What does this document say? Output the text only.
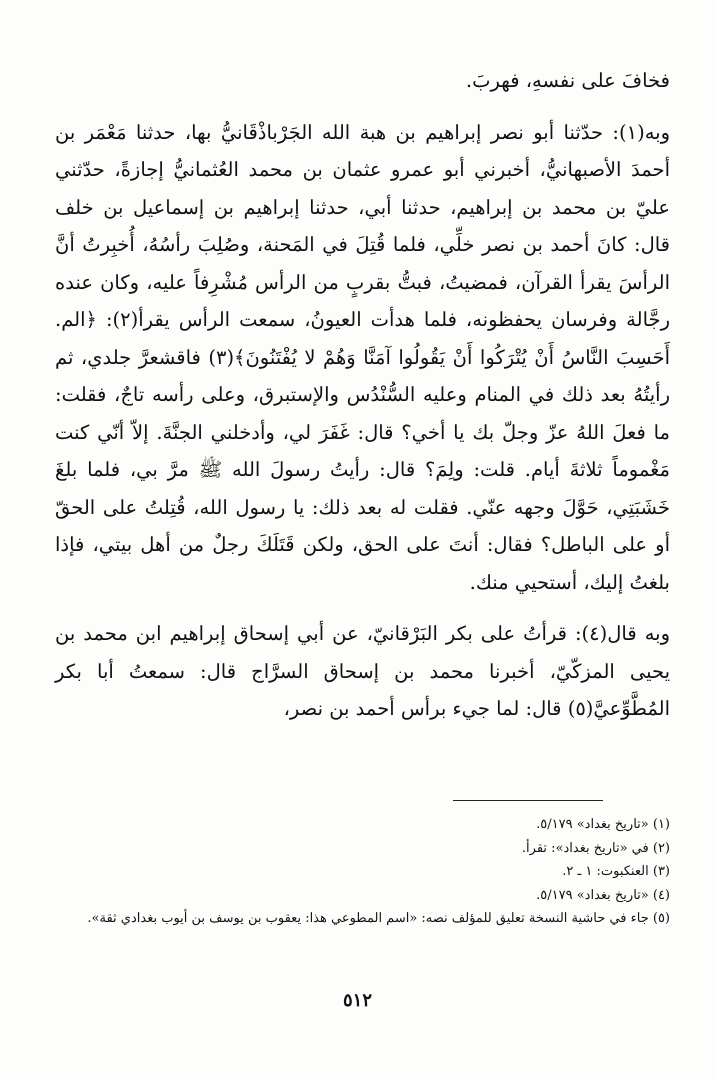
فخافَ على نفسهِ، فهربَ.

وبه(١): حدّثنا أبو نصر إبراهيم بن هبة الله الجَرْباذْقَانيُّ بها، حدثنا مَعْمَر بن أحمدَ الأصبهانيُّ، أخبرني أبو عمرو عثمان بن محمد العُثمانيُّ إجازةً، حدّثني عليّ بن محمد بن إبراهيم، حدثنا أبي، حدثنا إبراهيم بن إسماعيل بن خلف قال: كانَ أحمد بن نصر خلِّي، فلما قُتِلَ في المَحنة، وصُلِبَ رأسُهُ، أُخبِرتُ أنَّ الرأسَ يقرأ القرآن، فمضيتُ، فبتُّ بقربٍ من الرأس مُشْرِفاً عليه، وكان عنده رجَّالة وفرسان يحفظونه، فلما هدأت العيونُ، سمعت الرأس يقرأ(٢): ﴿الم. أَحَسِبَ النَّاسُ أَنْ يُتْرَكُوا أَنْ يَقُولُوا آمَنَّا وَهُمْ لا يُفْتَنُونَ﴾(٣) فاقشعرَّ جلدي، ثم رأيتُهُ بعد ذلك في المنام وعليه السُّنْدُس والإستبرق، وعلى رأسه تاجٌ، فقلت: ما فعلَ اللهُ عزّ وجلّ بك يا أخي؟ قال: غَفَرَ لي، وأدخلني الجنَّةَ. إلاّ أنّي كنت مَغْموماً ثلاثةَ أيام. قلت: ولِمَ؟ قال: رأيتُ رسولَ الله ﷺ مرَّ بي، فلما بلغَ خَشَبَتِي، حَوَّلَ وجهه عنّي. فقلت له بعد ذلك: يا رسول الله، قُتِلتُ على الحقّ أو على الباطل؟ فقال: أنتَ على الحق، ولكن قَتَلَكَ رجلٌ من أهل بيتي، فإذا بلغتُ إليك، أستحيي منك.

وبه قال(٤): قرأتُ على بكر البَرْقانيّ، عن أبي إسحاق إبراهيم ابن محمد بن يحيى المزكّيّ، أخبرنا محمد بن إسحاق السرَّاج قال: سمعتُ أبا بكر المُطَّوِّعيَّ(٥) قال: لما جيء برأس أحمد بن نصر،

(١) «تاريخ بغداد» ٥/١٧٩.

(٢) في «تاريخ بغداد»: تقرأ.

(٣) العنكبوت: ١ ـ ٢.

(٤) «تاريخ بغداد» ٥/١٧٩.

(٥) جاء في حاشية النسخة تعليق للمؤلف نصه: «اسم المطوعي هذا: يعقوب بن يوسف بن أيوب بغدادي ثقة».

٥١٢
